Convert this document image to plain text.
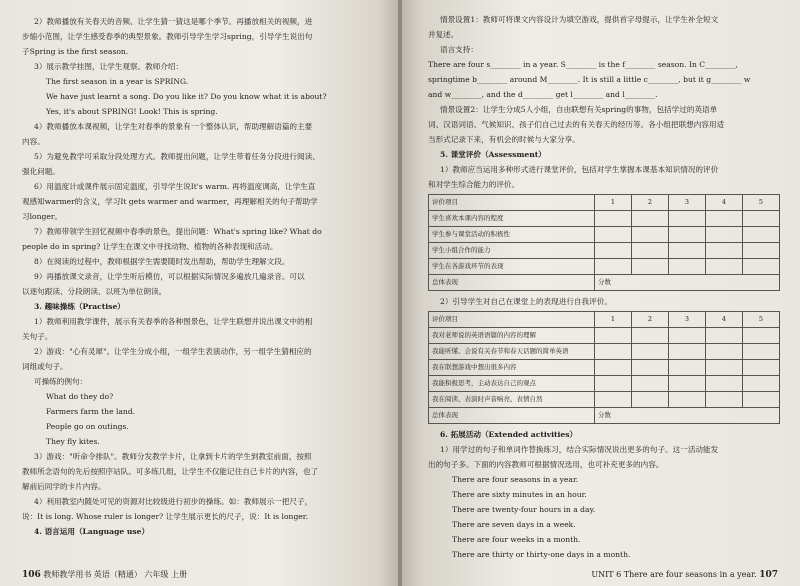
2）教师播放有关春天的音频、让学生猜一猜这是哪个季节。再播放相关的视频，进
步缩小范围，让学生感受春季的典型景象。教师引导学生学习spring，引导学生说出句
子Spring is the first season.
3）展示教学挂图，让学生观察。教师介绍：
The first season in a year is SPRING.
We have just learnt a song. Do you like it? Do you know what it is about?
Yes, it's about SPRING! Look! This is spring.
4）教师播放本课视频，让学生对春季的景象有一个整体认识，帮助理解语篇的主要
内容。
5）为避免教学可采取分段处理方式。教师提出问题，让学生带着任务分段进行阅读、
强化问题。
6）用温度计或课件展示固定温度，引导学生说It's warm. 再将温度调高，让学生直
观感知warmer的含义，学习It gets warmer and warmer，再理解相关的句子帮助学
习longer。
7）教师带领学生回忆视频中春季的景色，提出问题：What's spring like? What do
people do in spring? 让学生在课文中寻找动物、植物的各种表现和活动。
8）在阅读的过程中，教师根据学生需要随时发出帮助，帮助学生理解文段。
9）再播放课文录音，让学生听后模仿，可以根据实际情况多遍放几遍录音。可以
以逐句跟读、分段朗读、以班为单位朗读。
3. 趣味操练（Practise）
1）教师利用教学课件，展示有关春季的各种图景色，让学生联想并说出课文中的相
关句子。
2）游戏："心有灵犀"。让学生分成小组，一组学生表演动作，另一组学生猜相应的
词组或句子。
可操练的例句：
What do they do?
Farmers farm the land.
People go on outings.
They fly kites.
3）游戏："听命令排队"。教师分发教学卡片，让拿到卡片的学生到教室前面，按照
教师所念语句的先后按照序站队。可多练几组，让学生不仅能记住自己卡片的内容，也了
解前后同学的卡片内容。
4）利用教室内随处可见的资源对比较级进行初步的操练。如：教师展示一把尺子，
说：It is long. Whose ruler is longer? 让学生展示更长的尺子，说：It is longer.
4. 语言运用（Language use）
106 教师教学用书 英语（精通） 六年级 上册
情景设置1：教师可将课文内容设计为填空游戏，提供首字母提示，让学生补全短文
并复述。
语言支持：
There are four s________ in a year. S________ is the f________ season. In C________,
springtime b________ around M________. It is still a little c________, but it g________ w
and w________, and the d________ get l________ and l________.
情景设置2：让学生分成5人小组，自由联想有关spring的事物，包括学过的英语单
词、汉语词语、气候知识、孩子们自己过去的有关春天的经历等。各小组把联想内容用适
当形式记录下来，有机会的时候与大家分享。
5. 课堂评价（Assessment）
1）教师应当运用多种形式进行课堂评价，包括对学生掌握本课基本知识情况的评价
和对学生综合能力的评价。
评价项目	1	2	3	4	5
学生喜欢本课内容的程度					
学生参与课堂活动的积极性					
学生小组合作的能力					
学生在各游戏环节的表现					
总体表现	分数				
2）引导学生对自己在课堂上的表现进行自我评价。
评价项目	1	2	3	4	5
我对老师说的英语语篇的内容的理解					
我能听懂、会说有关春节和春天话题的简单英语					
我在联想游戏中想出很多内容					
我能积极思考，主动表达自己的观点					
我在阅读、表演时声音响亮、表情自然					
总体表现	分数				
6. 拓展活动（Extended activities）
1）用学过的句子和单词作替换练习，结合实际情况说出更多的句子。这一活动能发
出的句子多。下面的内容教师可根据情况选用，也可补充更多的内容。
There are four seasons in a year.
There are sixty minutes in an hour.
There are twenty-four hours in a day.
There are seven days in a week.
There are four weeks in a month.
There are thirty or thirty-one days in a month.
UNIT 6 There are four seasons in a year. 107
